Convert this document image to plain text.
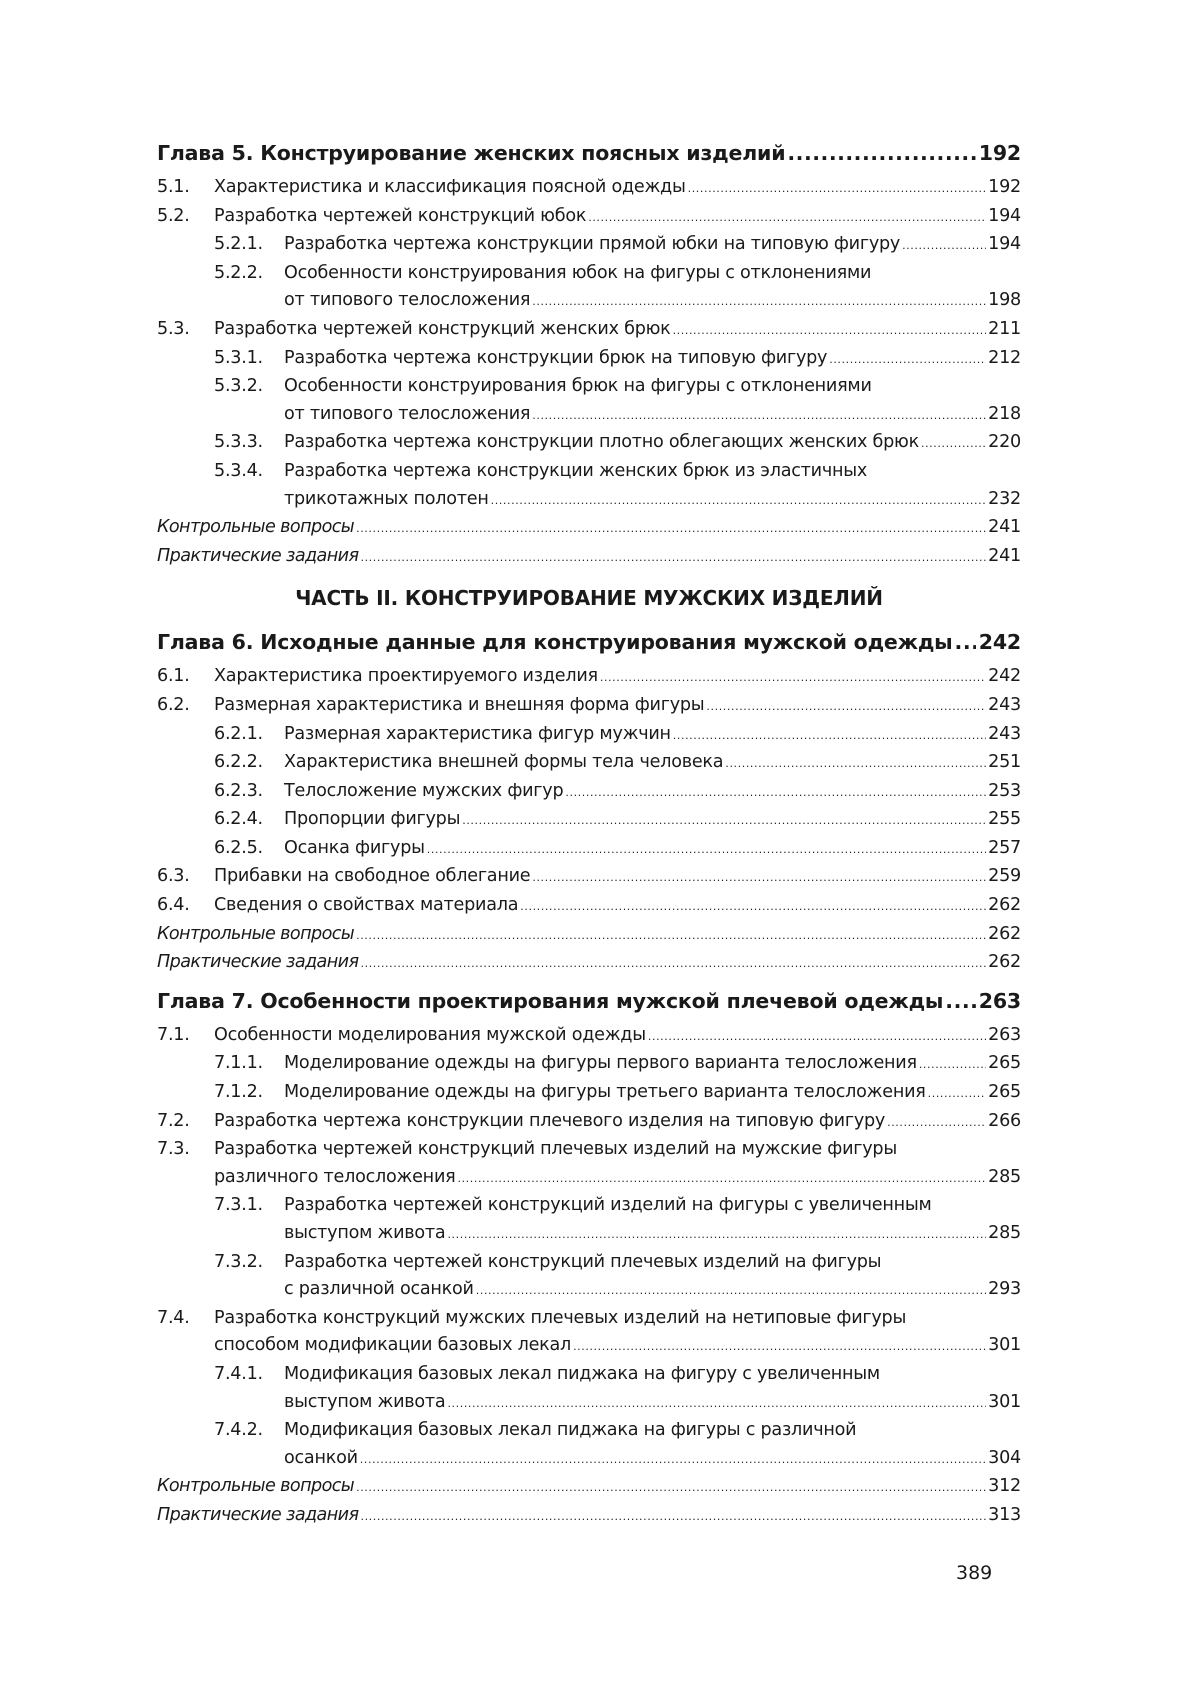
Глава 5. Конструирование женских поясных изделий .....	192
5.1.	Характеристика и классификация поясной одежды .....	192
5.2.	Разработка чертежей конструкций юбок .....	194
5.2.1.	Разработка чертежа конструкции прямой юбки на типовую фигуру .....	194
5.2.2.	Особенности конструирования юбок на фигуры с отклонениями
от типового телосложения .....	198
5.3.	Разработка чертежей конструкций женских брюк .....	211
5.3.1.	Разработка чертежа конструкции брюк на типовую фигуру .....	212
5.3.2.	Особенности конструирования брюк на фигуры с отклонениями
от типового телосложения .....	218
5.3.3.	Разработка чертежа конструкции плотно облегающих женских брюк .....	220
5.3.4.	Разработка чертежа конструкции женских брюк из эластичных
трикотажных полотен .....	232
Контрольные вопросы .....	241
Практические задания .....	241
ЧАСТЬ II. КОНСТРУИРОВАНИЕ МУЖСКИХ ИЗДЕЛИЙ
Глава 6. Исходные данные для конструирования мужской одежды ..... 242
6.1.	Характеристика проектируемого изделия .....	242
6.2.	Размерная характеристика и внешняя форма фигуры .....	243
6.2.1.	Размерная характеристика фигур мужчин .....	243
6.2.2.	Характеристика внешней формы тела человека .....	251
6.2.3.	Телосложение мужских фигур .....	253
6.2.4.	Пропорции фигуры .....	255
6.2.5.	Осанка фигуры .....	257
6.3.	Прибавки на свободное облегание .....	259
6.4.	Сведения о свойствах материала .....	262
Контрольные вопросы .....	262
Практические задания .....	262
Глава 7. Особенности проектирования мужской плечевой одежды ..... 263
7.1.	Особенности моделирования мужской одежды .....	263
7.1.1.	Моделирование одежды на фигуры первого варианта телосложения .....	265
7.1.2.	Моделирование одежды на фигуры третьего варианта телосложения .....	265
7.2.	Разработка чертежа конструкции плечевого изделия на типовую фигуру .....	266
7.3.	Разработка чертежей конструкций плечевых изделий на мужские фигуры
различного телосложения .....	285
7.3.1.	Разработка чертежей конструкций изделий на фигуры с увеличенным
выступом живота .....	285
7.3.2.	Разработка чертежей конструкций плечевых изделий на фигуры
с различной осанкой .....	293
7.4.	Разработка конструкций мужских плечевых изделий на нетиповые фигуры
способом модификации базовых лекал .....	301
7.4.1.	Модификация базовых лекал пиджака на фигуру с увеличенным
выступом живота .....	301
7.4.2.	Модификация базовых лекал пиджака на фигуры с различной
осанкой .....	304
Контрольные вопросы .....	312
Практические задания .....	313
389
